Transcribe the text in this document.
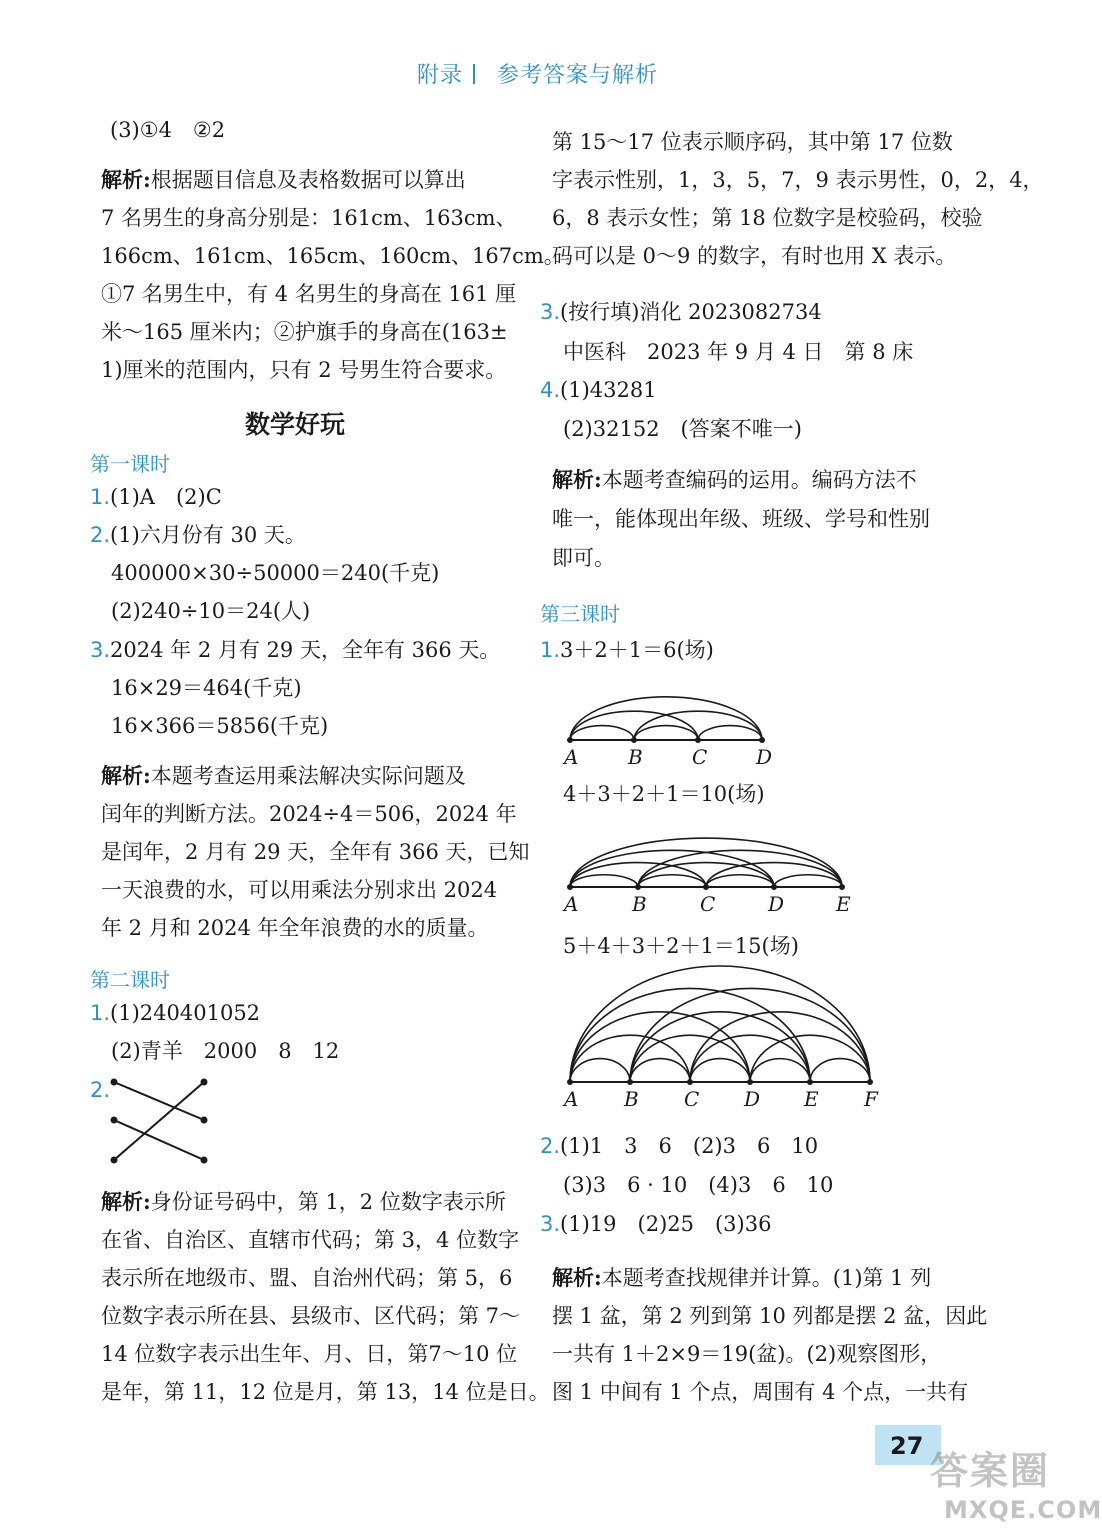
附录 参考答案与解析
(3)①4　②2
解析:根据题目信息及表格数据可以算出
7 名男生的身高分别是：161cm、163cm、
166cm、161cm、165cm、160cm、167cm。
①7 名男生中，有 4 名男生的身高在 161 厘
米～165 厘米内；②护旗手的身高在(163±
1)厘米的范围内，只有 2 号男生符合要求。
数学好玩
第一课时
1.(1)A　(2)C
2.(1)六月份有 30 天。
400000×30÷50000＝240(千克)
(2)240÷10＝24(人)
3.2024 年 2 月有 29 天，全年有 366 天。
16×29＝464(千克)
16×366＝5856(千克)
解析:本题考查运用乘法解决实际问题及
闰年的判断方法。2024÷4＝506，2024 年
是闰年，2 月有 29 天，全年有 366 天，已知
一天浪费的水，可以用乘法分别求出 2024
年 2 月和 2024 年全年浪费的水的质量。
第二课时
1.(1)240401052
(2)青羊　2000　8　12
2.
解析:身份证号码中，第 1，2 位数字表示所
在省、自治区、直辖市代码；第 3，4 位数字
表示所在地级市、盟、自治州代码；第 5，6
位数字表示所在县、县级市、区代码；第 7～
14 位数字表示出生年、月、日，第7～10 位
是年，第 11，12 位是月，第 13，14 位是日。
第 15～17 位表示顺序码，其中第 17 位数
字表示性别，1，3，5，7，9 表示男性，0，2，4，
6，8 表示女性；第 18 位数字是校验码，校验
码可以是 0～9 的数字，有时也用 X 表示。
3.(按行填)消化 2023082734
中医科　2023 年 9 月 4 日　第 8 床
4.(1)43281
(2)32152　(答案不唯一)
解析:本题考查编码的运用。编码方法不
唯一，能体现出年级、班级、学号和性别
即可。
第三课时
1.3＋2＋1＝6(场)
A B C D
4＋3＋2＋1＝10(场)
A	B	C	D	E
5＋4＋3＋2＋1＝15(场)
A B C D E F
2.(1)1　3　6　(2)3　6　10
(3)3　6 · 10　(4)3　6　10
3.(1)19　(2)25　(3)36
解析:本题考查找规律并计算。(1)第 1 列
摆 1 盆，第 2 列到第 10 列都是摆 2 盆，因此
一共有 1＋2×9＝19(盆)。(2)观察图形，
图 1 中间有 1 个点，周围有 4 个点，一共有
27
答案圈
MXQE.COM
